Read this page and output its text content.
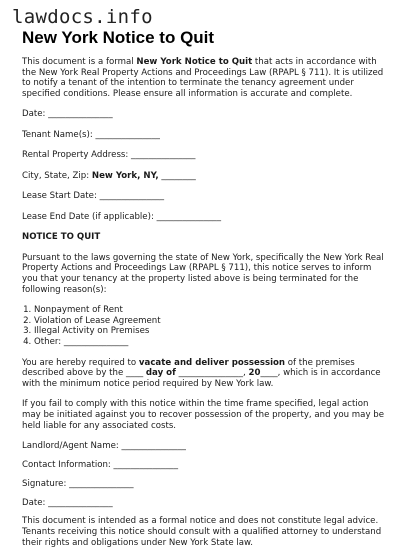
lawdocs.info
New York Notice to Quit

This document is a formal New York Notice to Quit that acts in accordance with the New York Real Property Actions and Proceedings Law (RPAPL § 711). It is utilized to notify a tenant of the intention to terminate the tenancy agreement under specified conditions. Please ensure all information is accurate and complete.

Date: _______________

Tenant Name(s): _______________

Rental Property Address: _______________

City, State, Zip: New York, NY, ________

Lease Start Date: _______________

Lease End Date (if applicable): _______________

NOTICE TO QUIT

Pursuant to the laws governing the state of New York, specifically the New York Real Property Actions and Proceedings Law (RPAPL § 711), this notice serves to inform you that your tenancy at the property listed above is being terminated for the following reason(s):

1. Nonpayment of Rent
2. Violation of Lease Agreement
3. Illegal Activity on Premises
4. Other: _______________

You are hereby required to vacate and deliver possession of the premises described above by the ____ day of _______________, 20____, which is in accordance with the minimum notice period required by New York law.

If you fail to comply with this notice within the time frame specified, legal action may be initiated against you to recover possession of the property, and you may be held liable for any associated costs.

Landlord/Agent Name: _______________

Contact Information: _______________

Signature: _______________

Date: _______________

This document is intended as a formal notice and does not constitute legal advice. Tenants receiving this notice should consult with a qualified attorney to understand their rights and obligations under New York State law.
